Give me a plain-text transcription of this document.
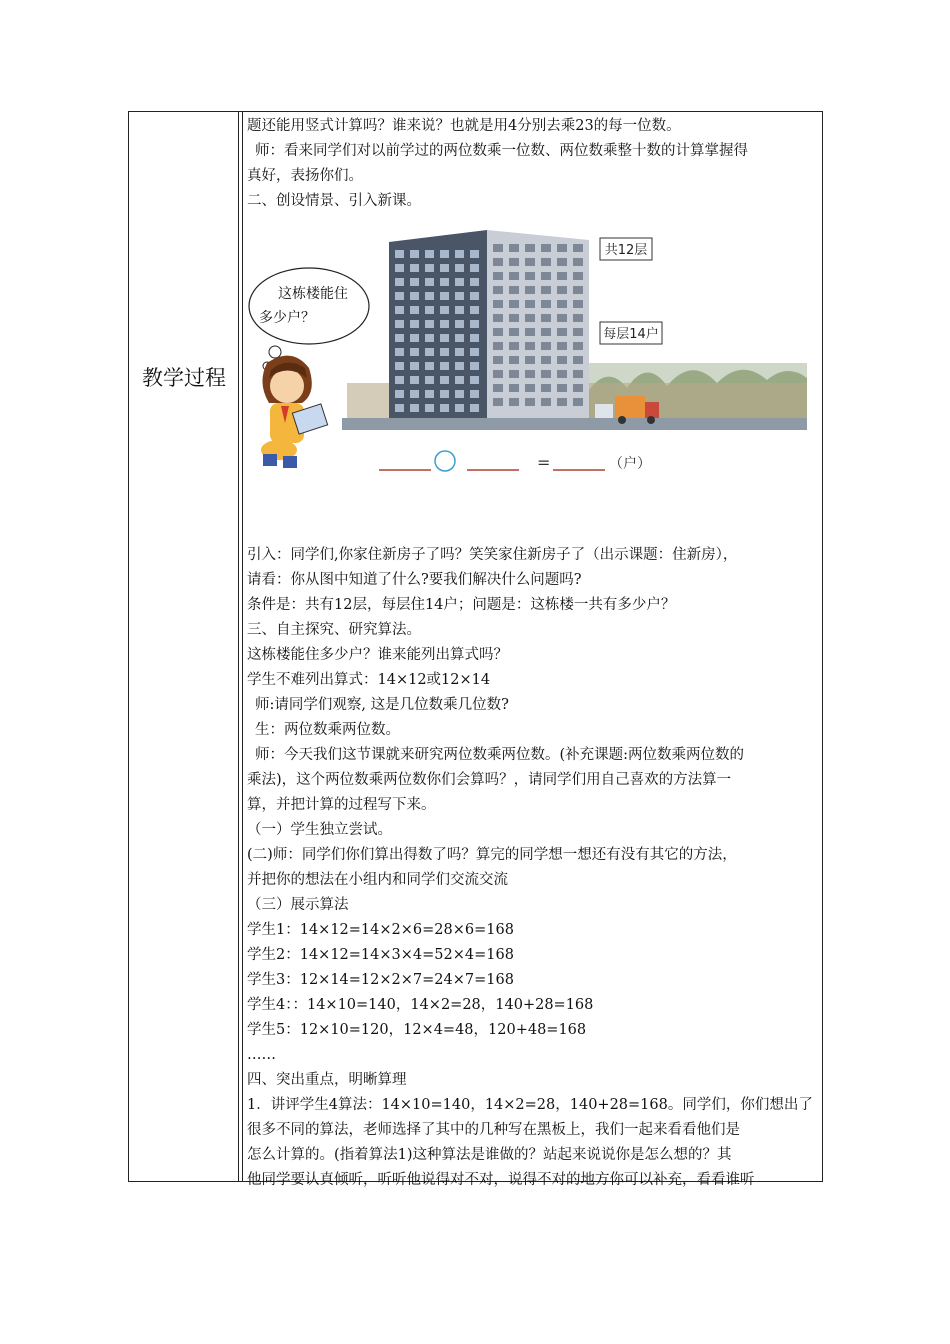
教学过程
题还能用竖式计算吗？谁来说？也就是用4分别去乘23的每一位数。
师：看来同学们对以前学过的两位数乘一位数、两位数乘整十数的计算掌握得
真好，表扬你们。
二、创设情景、引入新课。
共12层
每层14户
这栋楼能住
多少户？
=	（户）
引入：同学们,你家住新房子了吗？笑笑家住新房子了（出示课题：住新房），
请看：你从图中知道了什么?要我们解决什么问题吗?
条件是：共有12层，每层住14户；问题是：这栋楼一共有多少户？
三、自主探究、研究算法。
这栋楼能住多少户？谁来能列出算式吗？
学生不难列出算式：14×12或12×14
师:请同学们观察, 这是几位数乘几位数?
生：两位数乘两位数。
师：今天我们这节课就来研究两位数乘两位数。(补充课题:两位数乘两位数的
乘法)，这个两位数乘两位数你们会算吗？，请同学们用自己喜欢的方法算一
算，并把计算的过程写下来。
（一）学生独立尝试。
(二)师：同学们你们算出得数了吗？算完的同学想一想还有没有其它的方法，
并把你的想法在小组内和同学们交流交流
（三）展示算法
学生1：14×12=14×2×6=28×6=168
学生2：14×12=14×3×4=52×4=168
学生3：12×14=12×2×7=24×7=168
学生4：：14×10=140，14×2=28，140+28=168
学生5：12×10=120，12×4=48，120+48=168
……
四、突出重点，明晰算理
1．讲评学生4算法：14×10=140，14×2=28，140+28=168。同学们，你们想出了
很多不同的算法，老师选择了其中的几种写在黑板上，我们一起来看看他们是
怎么计算的。(指着算法1)这种算法是谁做的？站起来说说你是怎么想的？其
他同学要认真倾听，听听他说得对不对，说得不对的地方你可以补充，看看谁听
